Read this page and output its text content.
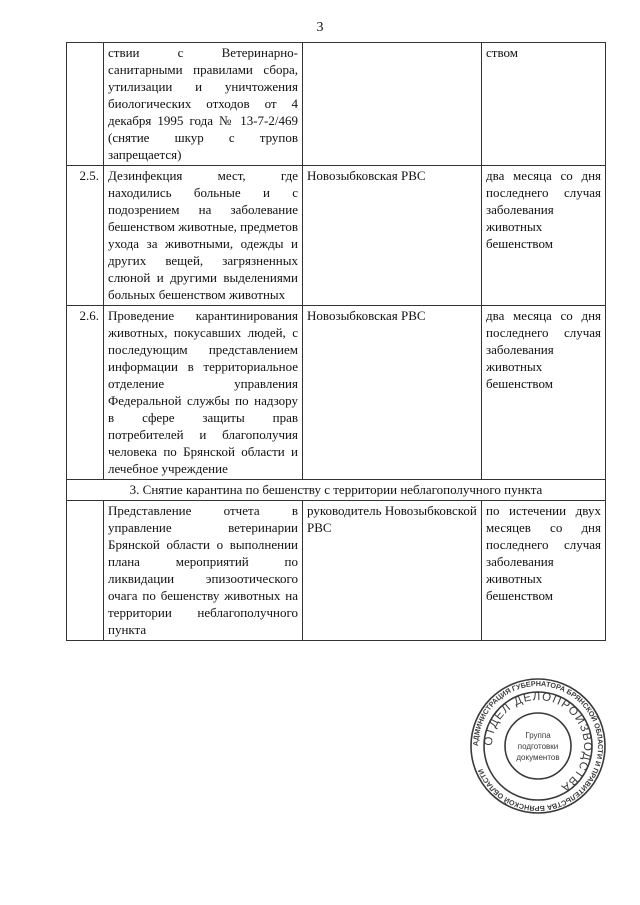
3
	ствии с Ветеринарно-санитарными правилами сбора, утилизации и уничтожения биологических отходов от 4 декабря 1995 года № 13-7-2/469 (снятие шкур с трупов запрещается)		ством
2.5.	Дезинфекция мест, где находились больные и с подозрением на заболевание бешенством животные, предметов ухода за животными, одежды и других вещей, загрязненных слюной и другими выделениями больных бешенством животных	Новозыбковская РВС	два месяца со дня последнего случая заболевания животных бешенством
2.6.	Проведение карантинирования животных, покусавших людей, с последующим представлением информации в территориальное отделение управления Федеральной службы по надзору в сфере защиты прав потребителей и благополучия человека по Брянской области и лечебное учреждение	Новозыбковская РВС	два месяца со дня последнего случая заболевания животных бешенством
3. Снятие карантина по бешенству с территории неблагополучного пункта			
	Представление отчета в управление ветеринарии Брянской области о выполнении плана мероприятий по ликвидации эпизоотического очага по бешенству животных на территории неблагополучного пункта	руководитель Новозыбковской РВС	по истечении двух месяцев со дня последнего случая заболевания животных бешенством
АДМИНИСТРАЦИЯ ГУБЕРНАТОРА БРЯНСКОЙ ОБЛАСТИ И ПРАВИТЕЛЬСТВА БРЯНСКОЙ ОБЛАСТИ
ОТДЕЛ ДЕЛОПРОИЗВОДСТВА
Группа
подготовки
документов
